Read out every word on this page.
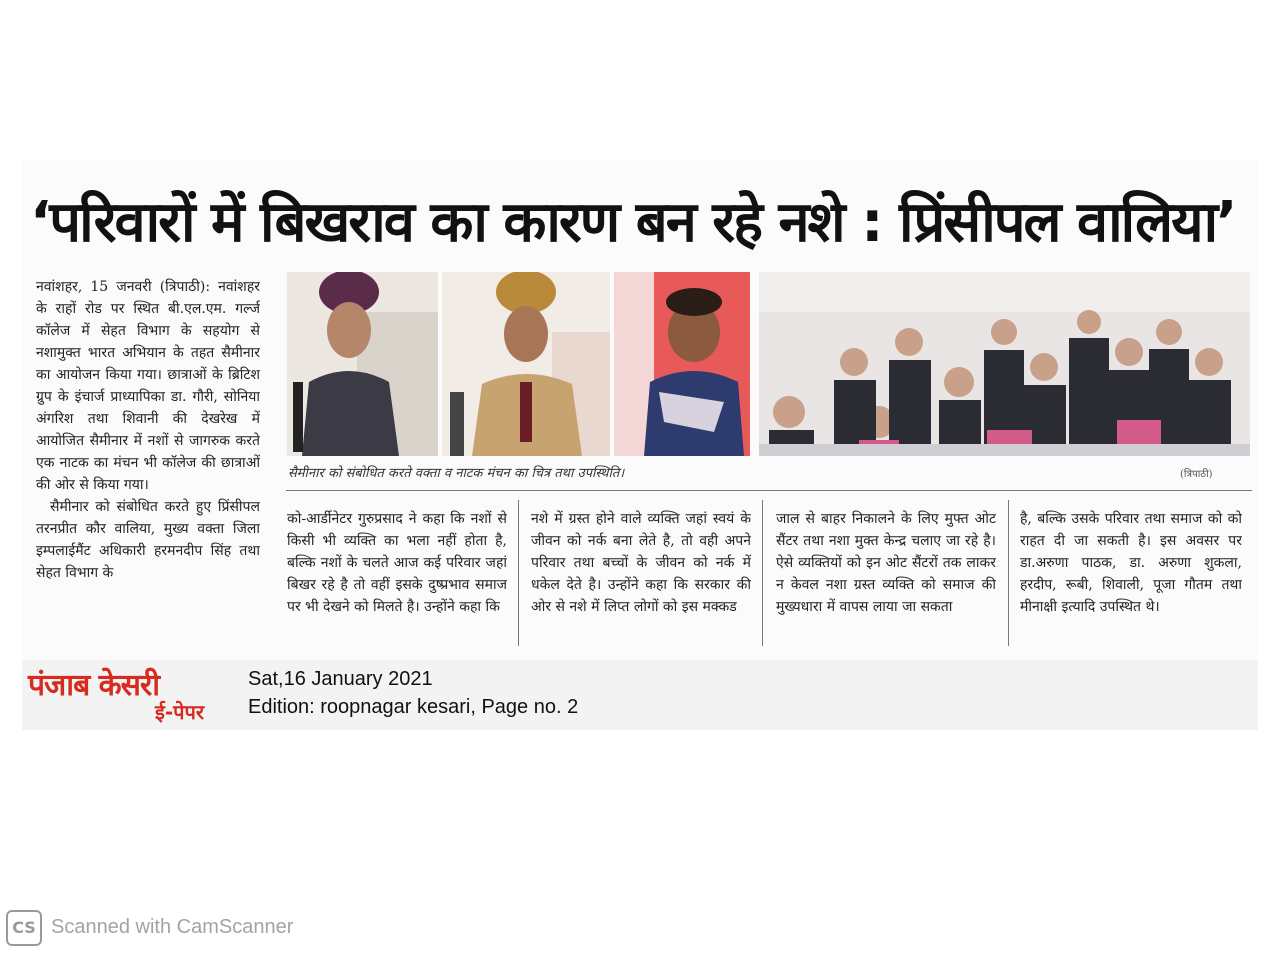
‘परिवारों में बिखराव का कारण बन रहे नशे : प्रिंसीपल वालिया’

नवांशहर, 15 जनवरी (त्रिपाठी): नवांशहर के राहों रोड पर स्थित बी.एल.एम. गर्ल्ज कॉलेज में सेहत विभाग के सहयोग से नशामुक्त भारत अभियान के तहत सैमीनार का आयोजन किया गया। छात्राओं के ब्रिटिश ग्रुप के इंचार्ज प्राध्यापिका डा. गौरी, सोनिया अंगरिश तथा शिवानी की देखरेख में आयोजित सैमीनार में नशों से जागरुक करते एक नाटक का मंचन भी कॉलेज की छात्राओं की ओर से किया गया।

सैमीनार को संबोधित करते हुए प्रिंसीपल तरनप्रीत कौर वालिया, मुख्य वक्ता जिला इम्पलाईमैंट अधिकारी हरमनदीप सिंह तथा सेहत विभाग के

सैमीनार को संबोधित करते वक्ता व नाटक मंचन का चित्र तथा उपस्थिति।	(त्रिपाठी)
को-आर्डीनेटर गुरुप्रसाद ने कहा कि नशों से किसी भी व्यक्ति का भला नहीं होता है, बल्कि नशों के चलते आज कई परिवार जहां बिखर रहे है तो वहीं इसके दुष्प्रभाव समाज पर भी देखने को मिलते है। उन्होंने कहा कि
नशे में ग्रस्त होने वाले व्यक्ति जहां स्वयं के जीवन को नर्क बना लेते है, तो वही अपने परिवार तथा बच्चों के जीवन को नर्क में धकेल देते है। उन्होंने कहा कि सरकार की ओर से नशे में लिप्त लोगों को इस मक्कड
जाल से बाहर निकालने के लिए मुफ्त ओट सैंटर तथा नशा मुक्त केन्द्र चलाए जा रहे है। ऐसे व्यक्तियों को इन ओट सैंटरों तक लाकर न केवल नशा ग्रस्त व्यक्ति को समाज की मुख्यधारा में वापस लाया जा सकता
है, बल्कि उसके परिवार तथा समाज को को राहत दी जा सकती है। इस अवसर पर डा.अरुणा पाठक, डा. अरुणा शुकला, हरदीप, रूबी, शिवाली, पूजा गौतम तथा मीनाक्षी इत्यादि उपस्थित थे।
पंजाब केसरी
ई-पेपर
Sat,16 January 2021
Edition: roopnagar kesari, Page no. 2
CS Scanned with CamScanner
